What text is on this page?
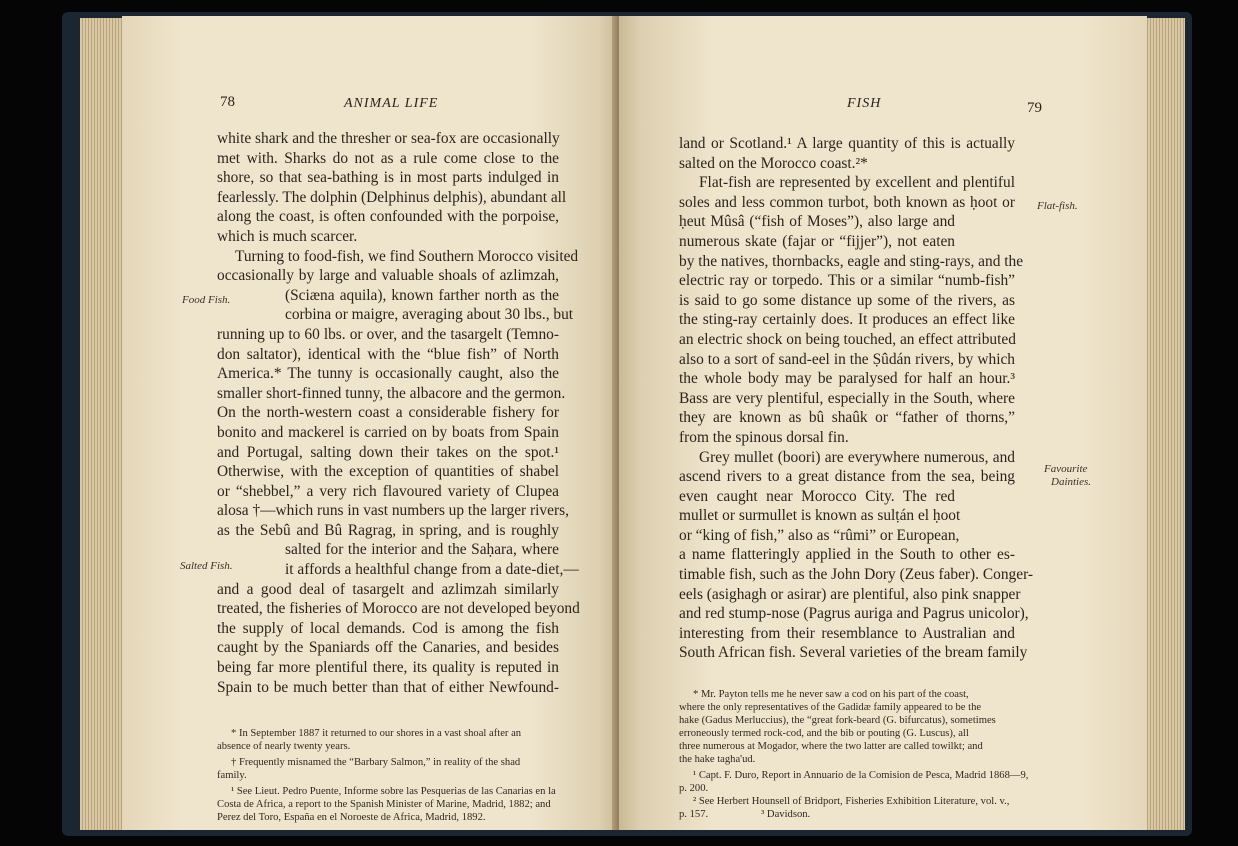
78	ANIMAL LIFE
Food Fish.
Salted Fish.
white shark and the thresher or sea-fox are occasionally
met with. Sharks do not as a rule come close to the
shore, so that sea-bathing is in most parts indulged in
fearlessly. The dolphin (Delphinus delphis), abundant all
along the coast, is often confounded with the porpoise,
which is much scarcer.
Turning to food-fish, we find Southern Morocco visited
occasionally by large and valuable shoals of azlimzah,
(Sciæna aquila), known farther north as the
corbina or maigre, averaging about 30 lbs., but
running up to 60 lbs. or over, and the tasargelt (Temno-
don saltator), identical with the “blue fish” of North
America.* The tunny is occasionally caught, also the
smaller short-finned tunny, the albacore and the germon.
On the north-western coast a considerable fishery for
bonito and mackerel is carried on by boats from Spain
and Portugal, salting down their takes on the spot.¹
Otherwise, with the exception of quantities of shabel
or “shebbel,” a very rich flavoured variety of Clupea
alosa †—which runs in vast numbers up the larger rivers,
as the Sebû and Bû Ragrag, in spring, and is roughly
salted for the interior and the Saḥara, where
it affords a healthful change from a date-diet,—
and a good deal of tasargelt and azlimzah similarly
treated, the fisheries of Morocco are not developed beyond
the supply of local demands. Cod is among the fish
caught by the Spaniards off the Canaries, and besides
being far more plentiful there, its quality is reputed in
Spain to be much better than that of either Newfound-
* In September 1887 it returned to our shores in a vast shoal after an
absence of nearly twenty years.
† Frequently misnamed the “Barbary Salmon,” in reality of the shad
family.
¹ See Lieut. Pedro Puente, Informe sobre las Pesquerias de las Canarias en la
Costa de Africa, a report to the Spanish Minister of Marine, Madrid, 1882; and
Perez del Toro, España en el Noroeste de Africa, Madrid, 1892.
FISH	79
Flat-fish.
Favourite
Dainties.
land or Scotland.¹ A large quantity of this is actually
salted on the Morocco coast.²*
Flat-fish are represented by excellent and plentiful
soles and less common turbot, both known as ḥoot or
ḥeut Mûsâ (“fish of Moses”), also large and
numerous skate (fajar or “fijjer”), not eaten
by the natives, thornbacks, eagle and sting-rays, and the
electric ray or torpedo. This or a similar “numb-fish”
is said to go some distance up some of the rivers, as
the sting-ray certainly does. It produces an effect like
an electric shock on being touched, an effect attributed
also to a sort of sand-eel in the Ṣûdán rivers, by which
the whole body may be paralysed for half an hour.³
Bass are very plentiful, especially in the South, where
they are known as bû shaûk or “father of thorns,”
from the spinous dorsal fin.
Grey mullet (boori) are everywhere numerous, and
ascend rivers to a great distance from the sea, being
even caught near Morocco City. The red
mullet or surmullet is known as sulṭán el ḥoot
or “king of fish,” also as “rûmi” or European,
a name flatteringly applied in the South to other es-
timable fish, such as the John Dory (Zeus faber). Conger-
eels (asighagh or asirar) are plentiful, also pink snapper
and red stump-nose (Pagrus auriga and Pagrus unicolor),
interesting from their resemblance to Australian and
South African fish. Several varieties of the bream family
* Mr. Payton tells me he never saw a cod on his part of the coast,
where the only representatives of the Gadidæ family appeared to be the
hake (Gadus Merluccius), the “great fork-beard (G. bifurcatus), sometimes
erroneously termed rock-cod, and the bib or pouting (G. Luscus), all
three numerous at Mogador, where the two latter are called towilkt; and
the hake tagha'ud.
¹ Capt. F. Duro, Report in Annuario de la Comision de Pesca, Madrid 1868—9,
p. 200.
² See Herbert Hounsell of Bridport, Fisheries Exhibition Literature, vol. v.,
p. 157.                    ³ Davidson.
